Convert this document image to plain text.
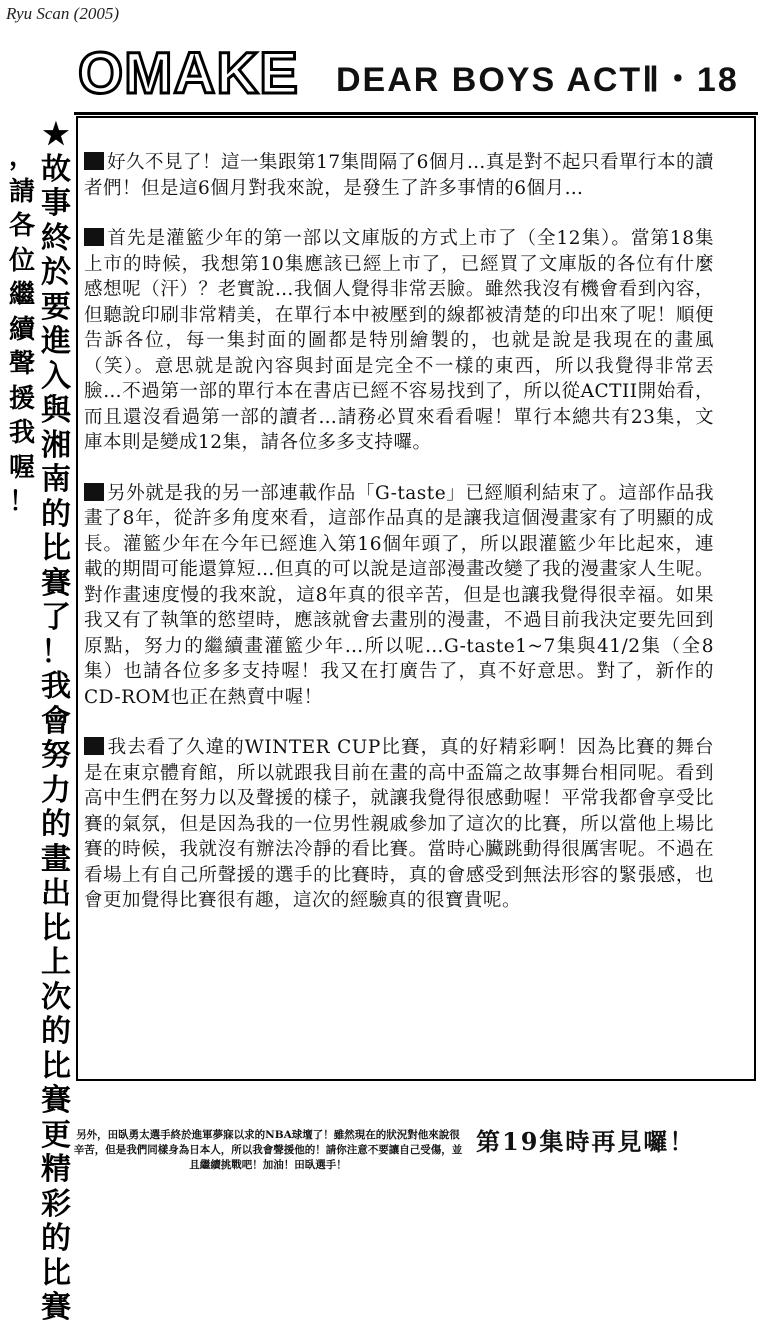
Ryu Scan (2005)
OMAKE DEAR BOYS ACTⅡ・18
★
故
事
終
於
要
進
入
與
湘
南
的
比
賽
了
！
我
會
努
力
的
畫
出
比
上
次
的
比
賽
更
精
彩
的
比
賽
，
請
各
位
繼
續
聲
援
我
喔
！

好久不見了！這一集跟第17集間隔了6個月…真是對不起只看單行本的讀者們！但是這6個月對我來說，是發生了許多事情的6個月…

首先是灌籃少年的第一部以文庫版的方式上市了（全12集）。當第18集上市的時候，我想第10集應該已經上市了，已經買了文庫版的各位有什麼感想呢（汗）？老實說…我個人覺得非常丟臉。雖然我沒有機會看到內容，但聽說印刷非常精美，在單行本中被壓到的線都被清楚的印出來了呢！順便告訴各位，每一集封面的圖都是特別繪製的，也就是說是我現在的畫風（笑）。意思就是說內容與封面是完全不一樣的東西，所以我覺得非常丟臉…不過第一部的單行本在書店已經不容易找到了，所以從ACTII開始看，而且還沒看過第一部的讀者…請務必買來看看喔！單行本總共有23集，文庫本則是變成12集，請各位多多支持囉。

另外就是我的另一部連載作品「G-taste」已經順利結束了。這部作品我畫了8年，從許多角度來看，這部作品真的是讓我這個漫畫家有了明顯的成長。灌籃少年在今年已經進入第16個年頭了，所以跟灌籃少年比起來，連載的期間可能還算短…但真的可以說是這部漫畫改變了我的漫畫家人生呢。對作畫速度慢的我來說，這8年真的很辛苦，但是也讓我覺得很幸福。如果我又有了執筆的慾望時，應該就會去畫別的漫畫，不過目前我決定要先回到原點，努力的繼續畫灌籃少年…所以呢…G-taste1~7集與41/2集（全8集）也請各位多多支持喔！我又在打廣告了，真不好意思。對了，新作的CD-ROM也正在熱賣中喔！

我去看了久違的WINTER CUP比賽，真的好精彩啊！因為比賽的舞台是在東京體育館，所以就跟我目前在畫的高中盃篇之故事舞台相同呢。看到高中生們在努力以及聲援的樣子，就讓我覺得很感動喔！平常我都會享受比賽的氣氛，但是因為我的一位男性親戚參加了這次的比賽，所以當他上場比賽的時候，我就沒有辦法冷靜的看比賽。當時心臟跳動得很厲害呢。不過在看場上有自己所聲援的選手的比賽時，真的會感受到無法形容的緊張感，也會更加覺得比賽很有趣，這次的經驗真的很寶貴呢。

另外，田臥勇太選手終於進軍夢寐以求的NBA球壇了！雖然現在的狀況對他來說很辛苦，但是我們同樣身為日本人，所以我會聲援他的！請你注意不要讓自己受傷，並且繼續挑戰吧！加油！田臥選手！
第19集時再見囉！
